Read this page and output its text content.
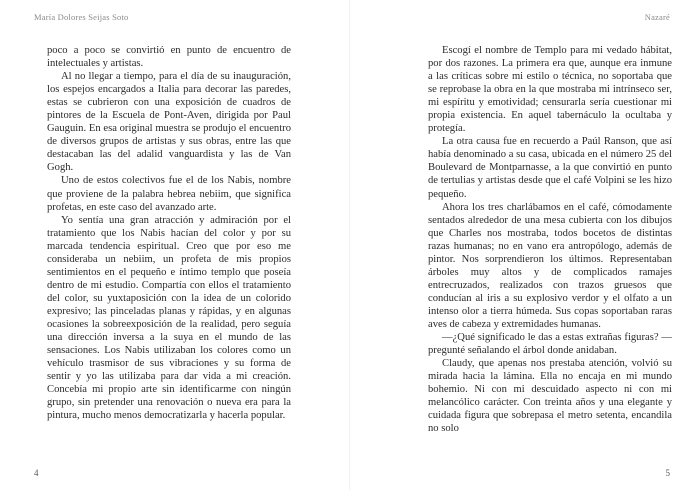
María Dolores Seijas Soto

poco a poco se convirtió en punto de encuentro de intelectuales y artistas.

Al no llegar a tiempo, para el día de su inauguración, los espejos encargados a Italia para decorar las paredes, estas se cubrieron con una exposición de cuadros de pintores de la Escuela de Pont-Aven, dirigida por Paul Gauguin. En esa original muestra se produjo el encuentro de diversos grupos de artistas y sus obras, entre las que destacaban las del adalid vanguardista y las de Van Gogh.

Uno de estos colectivos fue el de los Nabis, nombre que proviene de la palabra hebrea nebiim, que significa profetas, en este caso del avanzado arte.

Yo sentía una gran atracción y admiración por el tratamiento que los Nabis hacían del color y por su marcada tendencia espiritual. Creo que por eso me consideraba un nebiim, un profeta de mis propios sentimientos en el pequeño e íntimo templo que poseía dentro de mi estudio. Compartía con ellos el tratamiento del color, su yuxtaposición con la idea de un colorido expresivo; las pinceladas planas y rápidas, y en algunas ocasiones la sobreexposición de la realidad, pero seguía una dirección inversa a la suya en el mundo de las sensaciones. Los Nabis utilizaban los colores como un vehículo trasmisor de sus vibraciones y su forma de sentir y yo las utilizaba para dar vida a mi creación. Concebía mi propio arte sin identificarme con ningún grupo, sin pretender una renovación o nueva era para la pintura, mucho menos democratizarla y hacerla popular.

4
Nazaré

Escogí el nombre de Templo para mi vedado hábitat, por dos razones. La primera era que, aunque era inmune a las críticas sobre mi estilo o técnica, no soportaba que se reprobase la obra en la que mostraba mi intrínseco ser, mi espíritu y emotividad; censurarla sería cuestionar mi propia existencia. En aquel tabernáculo la ocultaba y protegía.

La otra causa fue en recuerdo a Paúl Ranson, que así había denominado a su casa, ubicada en el número 25 del Boulevard de Montparnasse, a la que convirtió en punto de tertulias y artistas desde que el café Volpini se les hizo pequeño.

Ahora los tres charlábamos en el café, cómodamente sentados alrededor de una mesa cubierta con los dibujos que Charles nos mostraba, todos bocetos de distintas razas humanas; no en vano era antropólogo, además de pintor. Nos sorprendieron los últimos. Representaban árboles muy altos y de complicados ramajes entrecruzados, realizados con trazos gruesos que conducían al iris a su explosivo verdor y el olfato a un intenso olor a tierra húmeda. Sus copas soportaban raras aves de cabeza y extremidades humanas.

—¿Qué significado le das a estas extrañas figuras? —pregunté señalando el árbol donde anidaban.

Claudy, que apenas nos prestaba atención, volvió su mirada hacia la lámina. Ella no encaja en mi mundo bohemio. Ni con mi descuidado aspecto ni con mi melancólico carácter. Con treinta años y una elegante y cuidada figura que sobrepasa el metro setenta, encandila no solo

5
